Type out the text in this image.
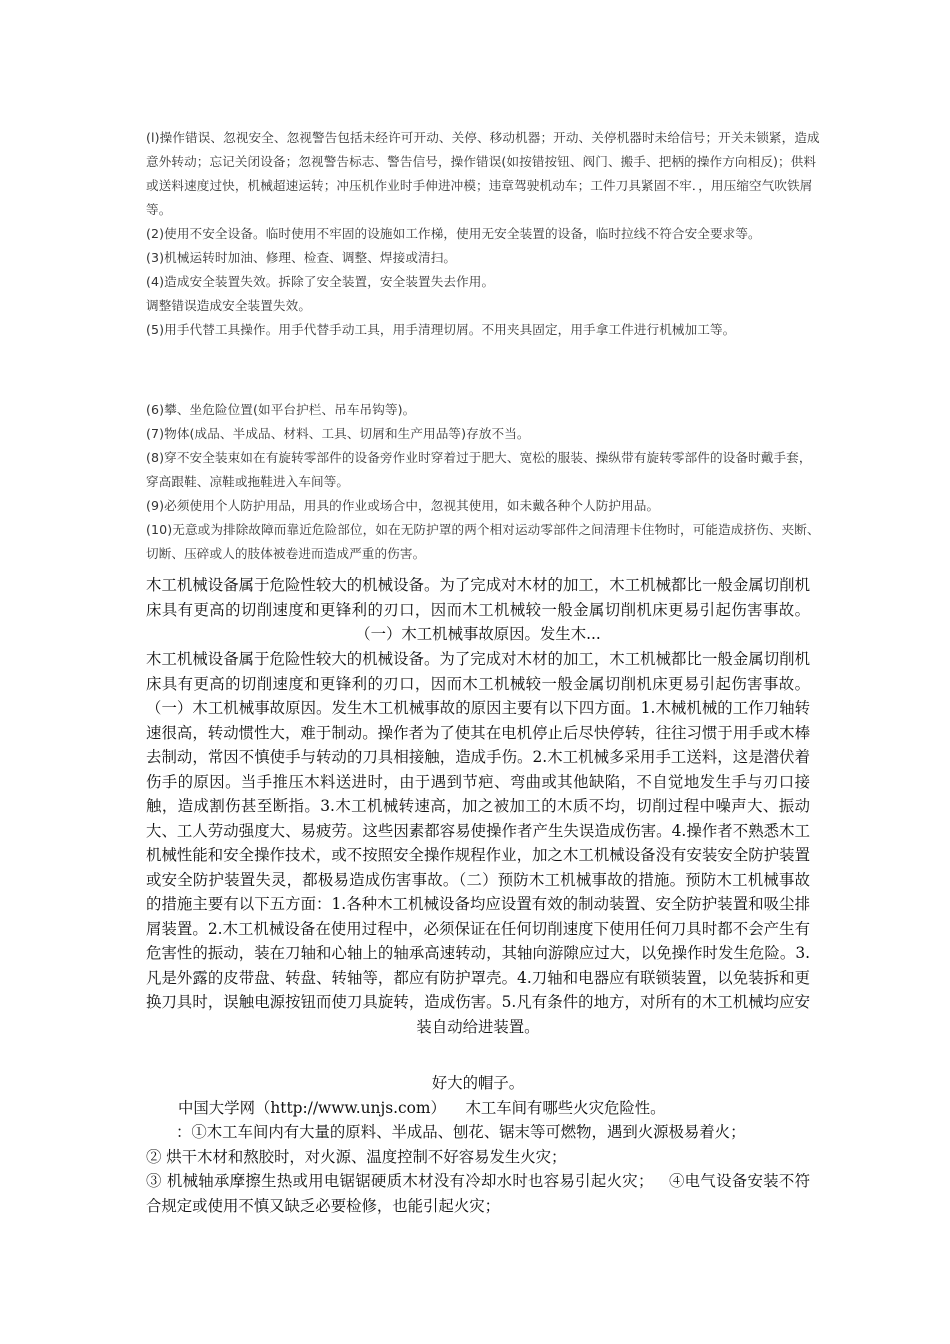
(l)操作错误、忽视安全、忽视警告包括未经许可开动、关停、移动机器；开动、关停机器时未给信号；开关未锁紧，造成意外转动；忘记关闭设备；忽视警告标志、警告信号，操作错误(如按错按钮、阀门、搬手、把柄的操作方向相反)；供料或送料速度过快，机械超速运转；冲压机作业时手伸进冲模；违章驾驶机动车；工件刀具紧固不牢．，用压缩空气吹铁屑等。

(2)使用不安全设备。临时使用不牢固的设施如工作梯，使用无安全装置的设备，临时拉线不符合安全要求等。

(3)机械运转时加油、修理、检查、调整、焊接或清扫。

(4)造成安全装置失效。拆除了安全装置，安全装置失去作用。

调整错误造成安全装置失效。

(5)用手代替工具操作。用手代替手动工具，用手清理切屑。不用夹具固定，用手拿工件进行机械加工等。

(6)攀、坐危险位置(如平台护栏、吊车吊钩等)。

(7)物体(成品、半成品、材料、工具、切屑和生产用品等)存放不当。

(8)穿不安全装束如在有旋转零部件的设备旁作业时穿着过于肥大、宽松的服装、操纵带有旋转零部件的设备时戴手套，穿高跟鞋、凉鞋或拖鞋进入车间等。

(9)必须使用个人防护用品，用具的作业或场合中，忽视其使用，如未戴各种个人防护用品。

(10)无意或为排除故障而靠近危险部位，如在无防护罩的两个相对运动零部件之间清理卡住物时，可能造成挤伤、夹断、切断、压碎或人的肢体被卷进而造成严重的伤害。

木工机械设备属于危险性较大的机械设备。为了完成对木材的加工，木工机械都比一般金属切削机床具有更高的切削速度和更锋利的刃口，因而木工机械较一般金属切削机床更易引起伤害事故。（一）木工机械事故原因。发生木...

木工机械设备属于危险性较大的机械设备。为了完成对木材的加工，木工机械都比一般金属切削机床具有更高的切削速度和更锋利的刃口，因而木工机械较一般金属切削机床更易引起伤害事故。（一）木工机械事故原因。发生木工机械事故的原因主要有以下四方面。1.木械机械的工作刀轴转速很高，转动惯性大，难于制动。操作者为了使其在电机停止后尽快停转，往往习惯于用手或木棒去制动，常因不慎使手与转动的刀具相接触，造成手伤。2.木工机械多采用手工送料，这是潜伏着伤手的原因。当手推压木料送进时，由于遇到节疤、弯曲或其他缺陷，不自觉地发生手与刃口接触，造成割伤甚至断指。3.木工机械转速高，加之被加工的木质不均，切削过程中噪声大、振动大、工人劳动强度大、易疲劳。这些因素都容易使操作者产生失误造成伤害。4.操作者不熟悉木工机械性能和安全操作技术，或不按照安全操作规程作业，加之木工机械设备没有安装安全防护装置或安全防护装置失灵，都极易造成伤害事故。（二）预防木工机械事故的措施。预防木工机械事故的措施主要有以下五方面：1.各种木工机械设备均应设置有效的制动装置、安全防护装置和吸尘排屑装置。2.木工机械设备在使用过程中，必须保证在任何切削速度下使用任何刀具时都不会产生有危害性的振动，装在刀轴和心轴上的轴承高速转动，其轴向游隙应过大，以免操作时发生危险。3.凡是外露的皮带盘、转盘、转轴等，都应有防护罩壳。4.刀轴和电器应有联锁装置，以免装拆和更换刀具时，误触电源按钮而使刀具旋转，造成伤害。5.凡有条件的地方，对所有的木工机械均应安装自动给进装置。

好大的帽子。

中国大学网（http://www.unjs.com）    木工车间有哪些火灾危险性。

：①木工车间内有大量的原料、半成品、刨花、锯末等可燃物，遇到火源极易着火；

② 烘干木材和熬胶时，对火源、温度控制不好容易发生火灾；

③ 机械轴承摩擦生热或用电锯锯硬质木材没有冷却水时也容易引起火灾；   ④电气设备安装不符合规定或使用不慎又缺乏必要检修，也能引起火灾；
